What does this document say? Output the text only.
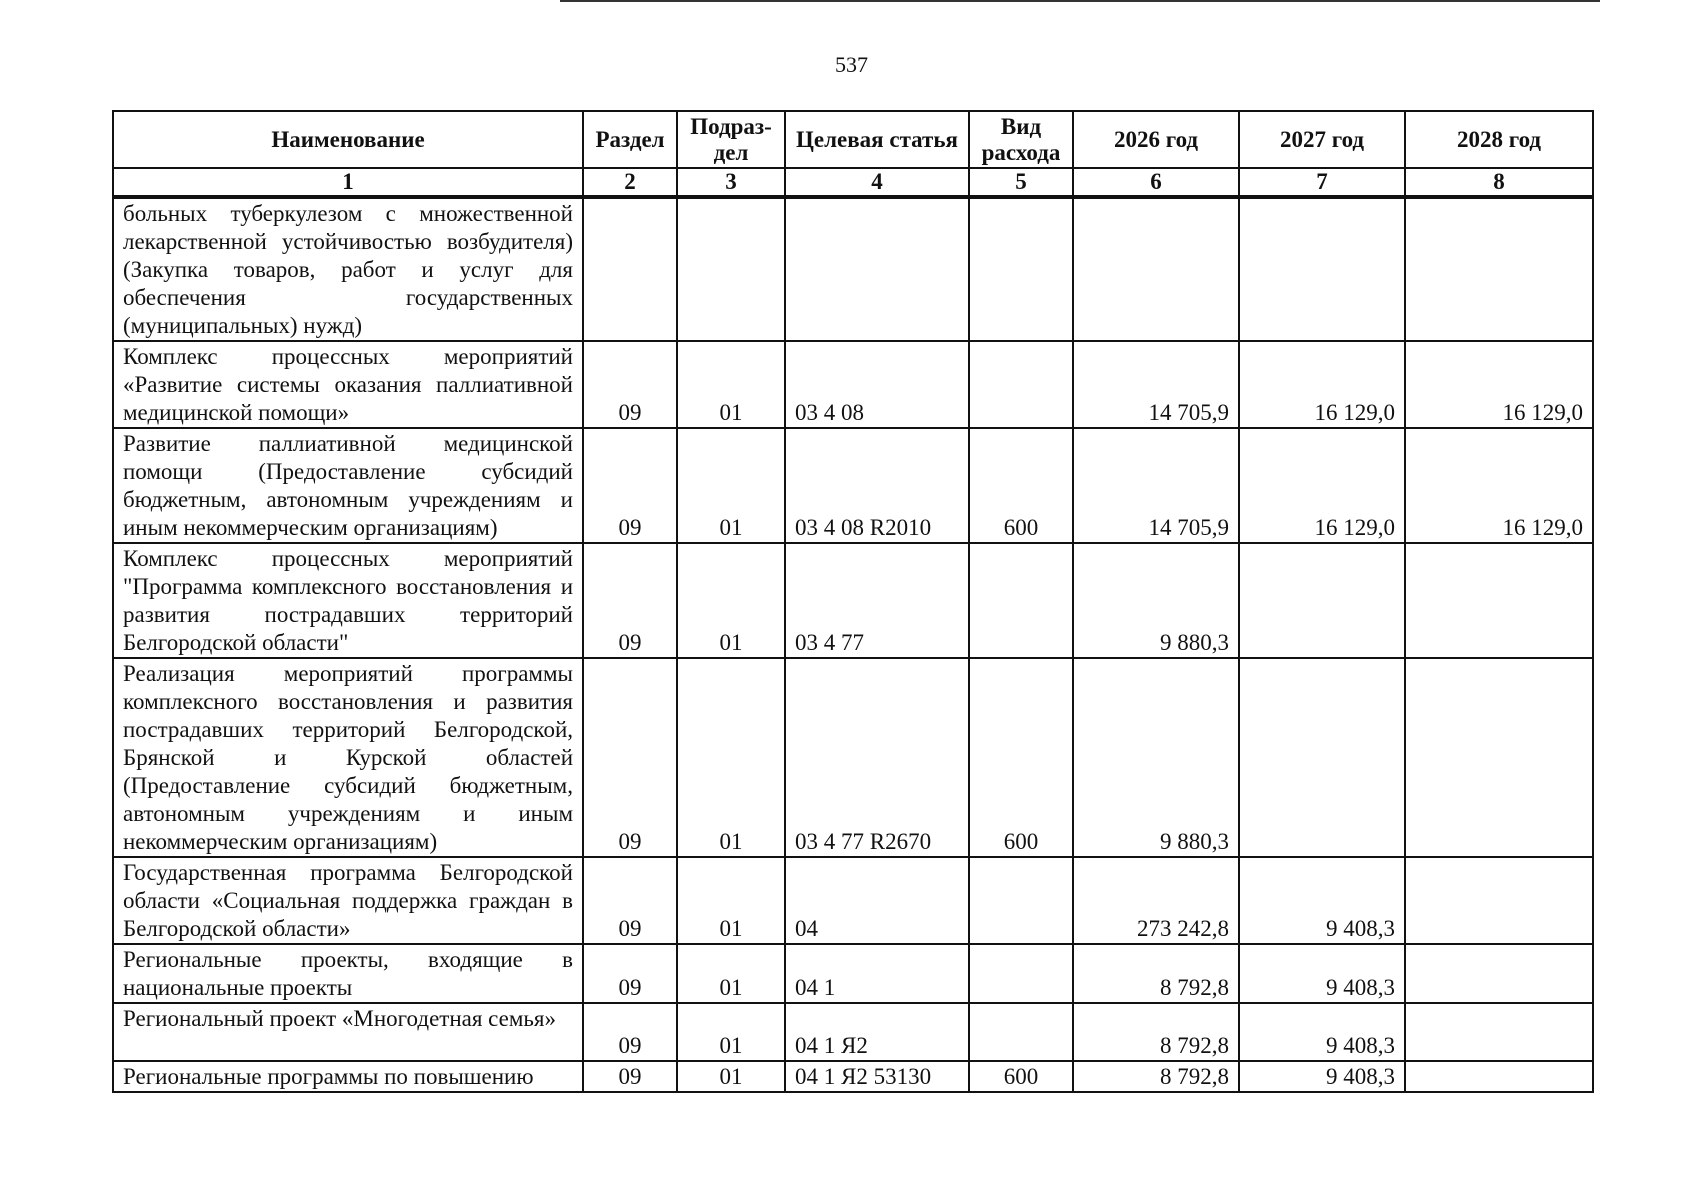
537
Наименование	Раздел	Подраз-дел	Целевая статья	Вид расхода	2026 год	2027 год	2028 год
1	2	3	4	5	6	7	8
больных туберкулезом с множественной лекарственной устойчивостью возбудителя) (Закупка товаров, работ и услуг для обеспечения государственных (муниципальных) нужд)							
Комплекс процессных мероприятий «Развитие системы оказания паллиативной медицинской помощи»	09	01	03 4 08		14 705,9	16 129,0	16 129,0
Развитие паллиативной медицинской помощи (Предоставление субсидий бюджетным, автономным учреждениям и иным некоммерческим организациям)	09	01	03 4 08 R2010	600	14 705,9	16 129,0	16 129,0
Комплекс процессных мероприятий "Программа комплексного восстановления и развития пострадавших территорий Белгородской области"	09	01	03 4 77		9 880,3		
Реализация мероприятий программы комплексного восстановления и развития пострадавших территорий Белгородской, Брянской и Курской областей (Предоставление субсидий бюджетным, автономным учреждениям и иным некоммерческим организациям)	09	01	03 4 77 R2670	600	9 880,3		
Государственная программа Белгородской области «Социальная поддержка граждан в Белгородской области»	09	01	04		273 242,8	9 408,3	
Региональные проекты, входящие в национальные проекты	09	01	04 1		8 792,8	9 408,3	
Региональный проект «Многодетная семья»	09	01	04 1 Я2		8 792,8	9 408,3	
Региональные программы по повышению	09	01	04 1 Я2 53130	600	8 792,8	9 408,3	
